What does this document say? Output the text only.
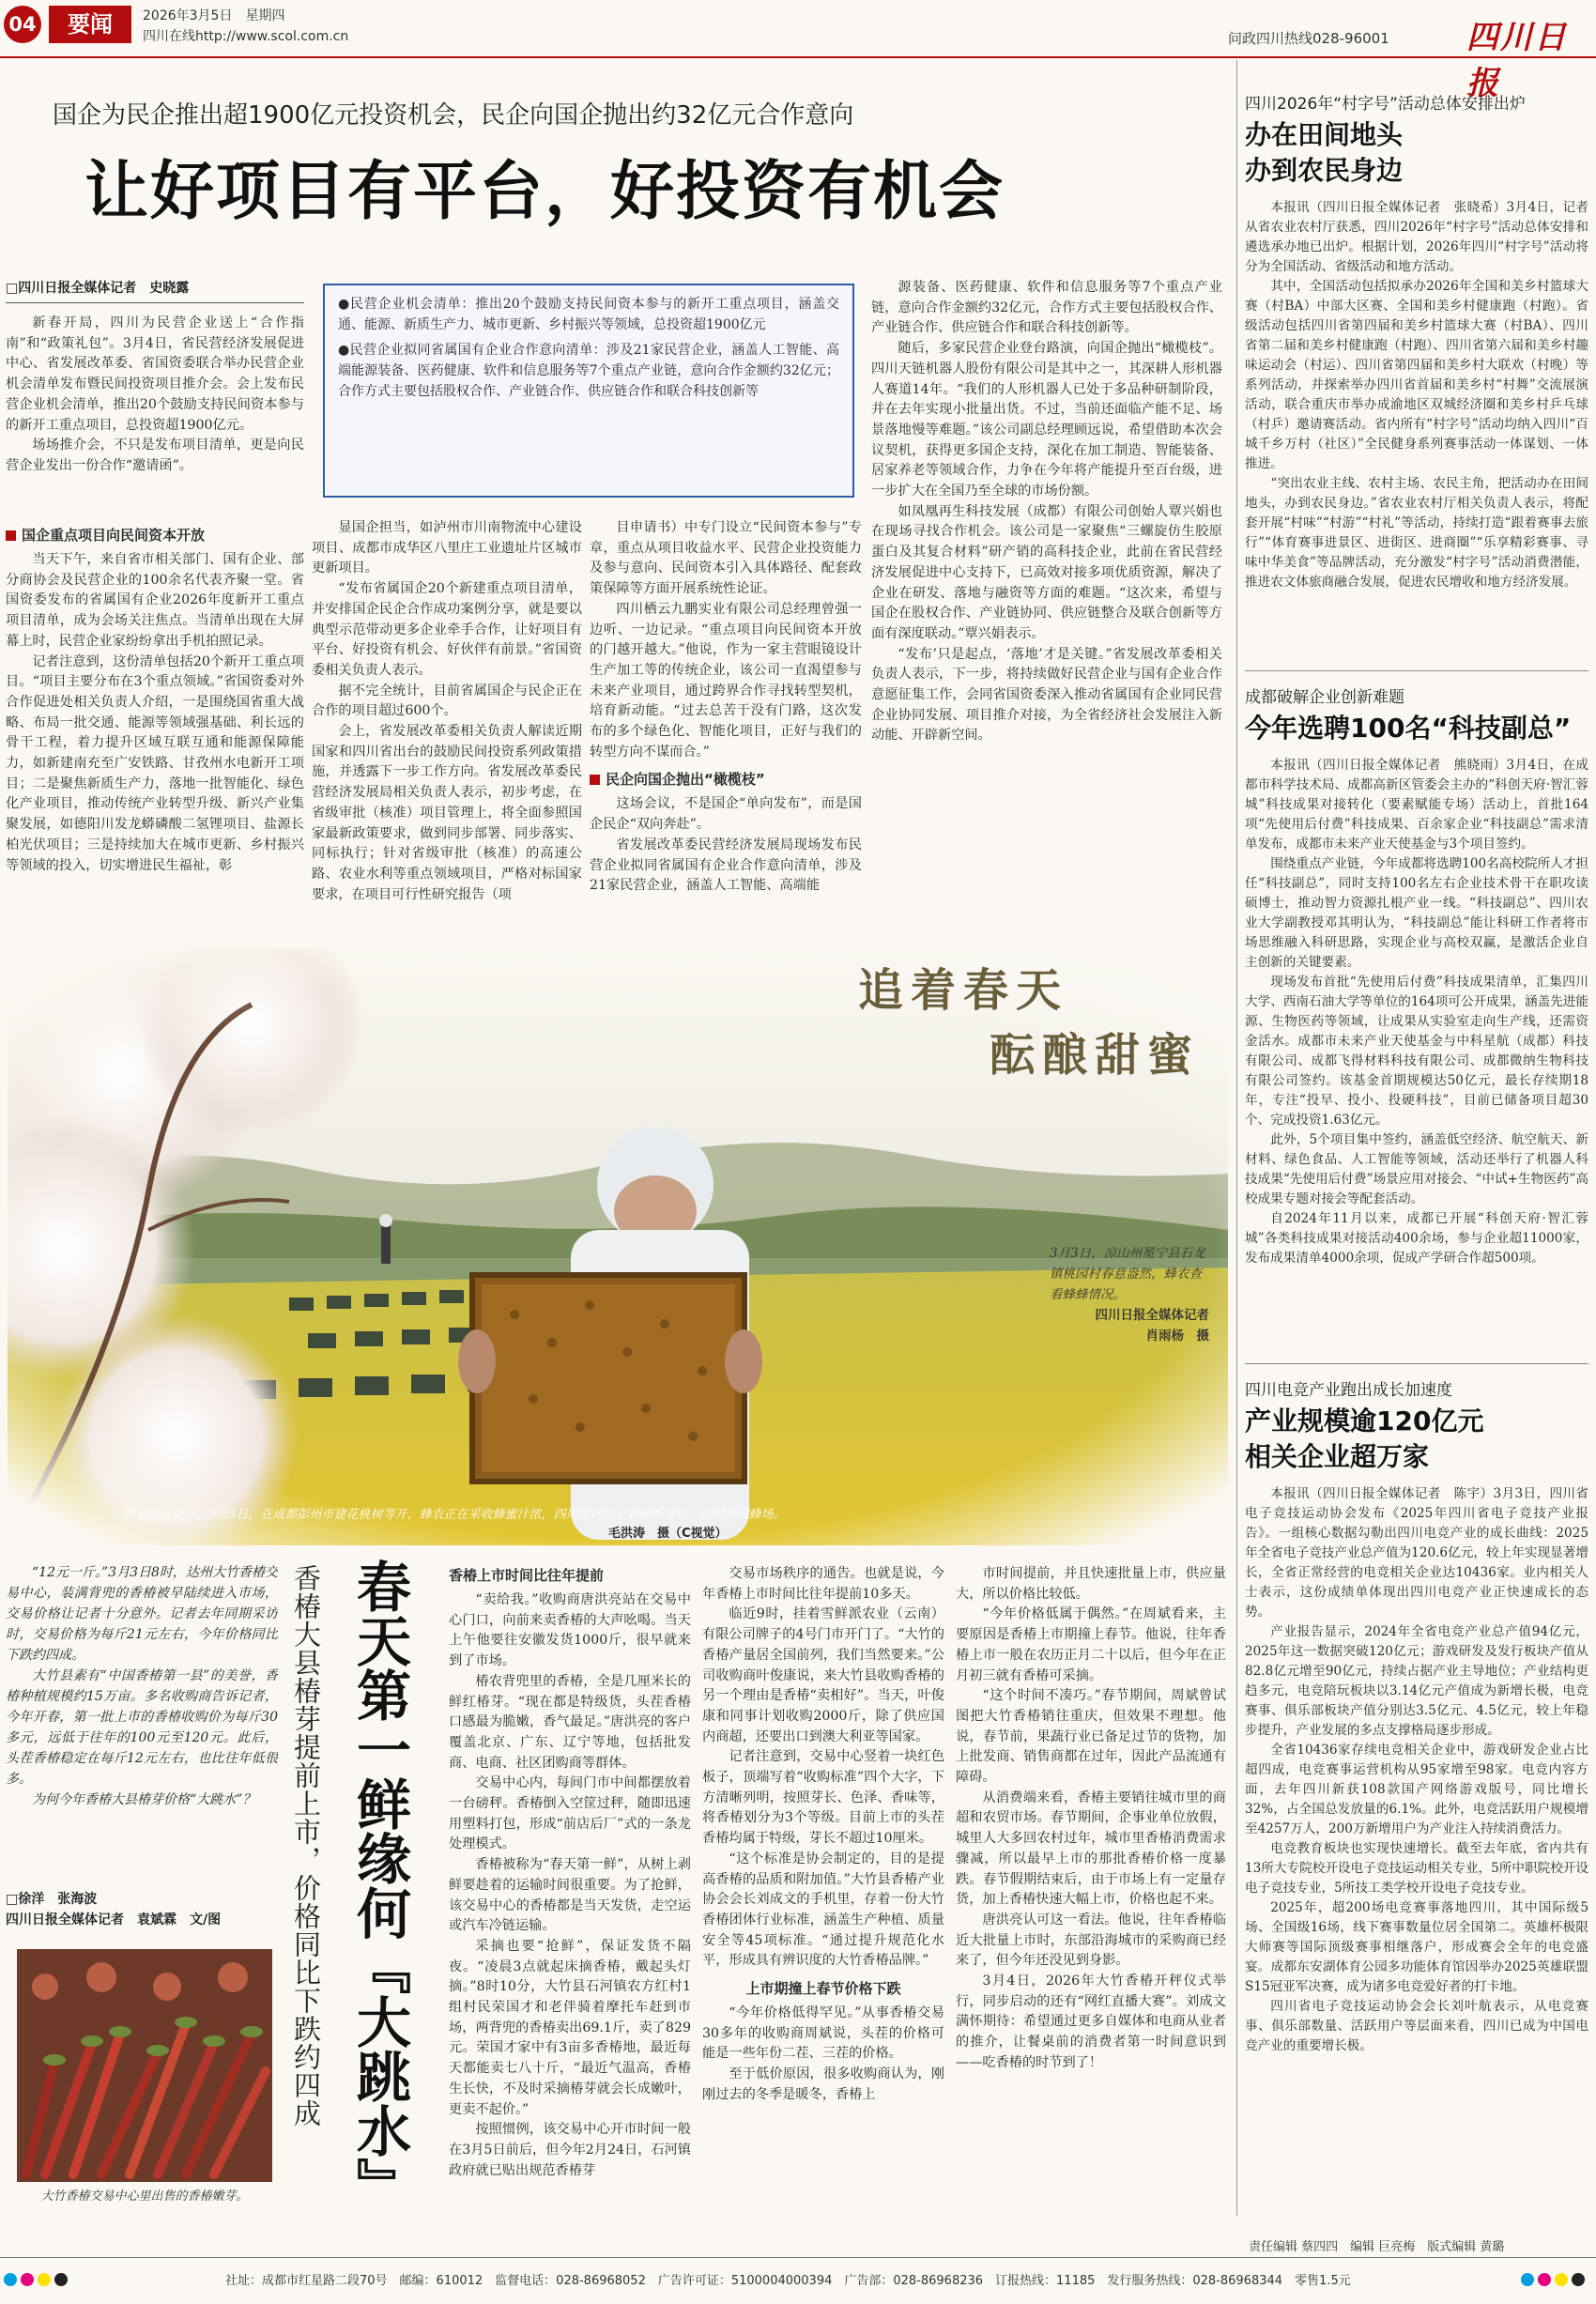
04	要闻	2026年3月5日　星期四
四川在线http://www.scol.com.cn	问政四川热线028-96001 四川日报
国企为民企推出超1900亿元投资机会，民企向国企抛出约32亿元合作意向
让好项目有平台，好投资有机会
□四川日报全媒体记者　史晓露

新春开局，四川为民营企业送上“合作指南”和“政策礼包”。3月4日，省民营经济发展促进中心、省发展改革委、省国资委联合举办民营企业机会清单发布暨民间投资项目推介会。会上发布民营企业机会清单，推出20个鼓励支持民间资本参与的新开工重点项目，总投资超1900亿元。

场场推介会，不只是发布项目清单，更是向民营企业发出一份合作“邀请函”。

●民营企业机会清单：推出20个鼓励支持民间资本参与的新开工重点项目，涵盖交通、能源、新质生产力、城市更新、乡村振兴等领域，总投资超1900亿元
●民营企业拟同省属国有企业合作意向清单：涉及21家民营企业，涵盖人工智能、高端能源装备、医药健康、软件和信息服务等7个重点产业链，意向合作金额约32亿元；合作方式主要包括股权合作、产业链合作、供应链合作和联合科技创新等

源装备、医药健康、软件和信息服务等7个重点产业链，意向合作金额约32亿元，合作方式主要包括股权合作、产业链合作、供应链合作和联合科技创新等。

随后，多家民营企业登台路演，向国企抛出“橄榄枝”。四川天链机器人股份有限公司是其中之一，其深耕人形机器人赛道14年。“我们的人形机器人已处于多品种研制阶段，并在去年实现小批量出货。不过，当前还面临产能不足、场景落地慢等难题。”该公司副总经理顾远说，希望借助本次会议契机，获得更多国企支持，深化在加工制造、智能装备、居家养老等领域合作，力争在今年将产能提升至百台级，进一步扩大在全国乃至全球的市场份额。

如凤凰再生科技发展（成都）有限公司创始人覃兴娟也在现场寻找合作机会。该公司是一家聚焦“三螺旋仿生胶原蛋白及其复合材料”研产销的高科技企业，此前在省民营经济发展促进中心支持下，已高效对接多项优质资源，解决了企业在研发、落地与融资等方面的难题。“这次来，希望与国企在股权合作、产业链协同、供应链整合及联合创新等方面有深度联动。”覃兴娟表示。

“发布’只是起点，‘落地’才是关键。”省发展改革委相关负责人表示，下一步，将持续做好民营企业与国有企业合作意愿征集工作，会同省国资委深入推动省属国有企业同民营企业协同发展、项目推介对接，为全省经济社会发展注入新动能、开辟新空间。

国企重点项目向民间资本开放

当天下午，来自省市相关部门、国有企业、部分商协会及民营企业的100余名代表齐聚一堂。省国资委发布的省属国有企业2026年度新开工重点项目清单，成为会场关注焦点。当清单出现在大屏幕上时，民营企业家纷纷拿出手机拍照记录。

记者注意到，这份清单包括20个新开工重点项目。“项目主要分布在3个重点领域。”省国资委对外合作促进处相关负责人介绍，一是围绕国省重大战略、布局一批交通、能源等领域强基础、利长远的骨干工程，着力提升区域互联互通和能源保障能力，如新建南充至广安铁路、甘孜州水电新开工项目；二是聚焦新质生产力，落地一批智能化、绿色化产业项目，推动传统产业转型升级、新兴产业集聚发展，如德阳川发龙蟒磷酸二氢锂项目、盐源长柏光伏项目；三是持续加大在城市更新、乡村振兴等领域的投入，切实增进民生福祉，彰

显国企担当，如泸州市川南物流中心建设项目、成都市成华区八里庄工业遗址片区城市更新项目。

“发布省属国企20个新建重点项目清单，并安排国企民企合作成功案例分享，就是要以典型示范带动更多企业牵手合作，让好项目有平台、好投资有机会、好伙伴有前景。”省国资委相关负责人表示。

据不完全统计，目前省属国企与民企正在合作的项目超过600个。

会上，省发展改革委相关负责人解读近期国家和四川省出台的鼓励民间投资系列政策措施，并透露下一步工作方向。省发展改革委民营经济发展局相关负责人表示，初步考虑，在省级审批（核准）项目管理上，将全面参照国家最新政策要求，做到同步部署、同步落实、同标执行；针对省级审批（核准）的高速公路、农业水利等重点领域项目，严格对标国家要求，在项目可行性研究报告（项

目申请书）中专门设立“民间资本参与”专章，重点从项目收益水平、民营企业投资能力及参与意向、民间资本引入具体路径、配套政策保障等方面开展系统性论证。

四川栖云九鹏实业有限公司总经理曾强一边听、一边记录。“重点项目向民间资本开放的门越开越大。”他说，作为一家主营眼镜设计生产加工等的传统企业，该公司一直渴望参与未来产业项目，通过跨界合作寻找转型契机，培育新动能。“过去总苦于没有门路，这次发布的多个绿色化、智能化项目，正好与我们的转型方向不谋而合。”

民企向国企抛出“橄榄枝”

这场会议，不是国企“单向发布”，而是国企民企“双向奔赴”。

省发展改革委民营经济发展局现场发布民营企业拟同省属国有企业合作意向清单，涉及21家民营企业，涵盖人工智能、高端能

追着春天
酝酿甜蜜
3月3日，凉山州冕宁县石龙镇桃园村春意盎然，蜂农查看蜂蜂情况。
四川日报全媒体记者
肖雨杨　摄
一群金叶在花开，3月3日，在成都彭州市建花桃树等开，蜂农正在采收蜂蜜汁浓，四川境内的小春蜂季来临，如时开园蜂场。
毛洪涛　摄（C视觉）

“12元一斤。”3月3日8时，达州大竹香椿交易中心，装满背兜的香椿被早陆续进入市场，交易价格让记者十分意外。记者去年同期采访时，交易价格为每斤21元左右，今年价格同比下跌约四成。

大竹县素有“中国香椿第一县”的美誉，香椿种植规模约15万亩。多名收购商告诉记者，今年开春，第一批上市的香椿收购价为每斤30多元，远低于往年的100元至120元。此后，头茬香椿稳定在每斤12元左右，也比往年低很多。

为何今年香椿大县椿芽价格“大跳水”？

□徐洋　张海波
四川日报全媒体记者　袁斌霖　文/图
大竹香椿交易中心里出售的香椿嫩芽。
香椿大县椿芽提前上市，价格同比下跌约四成 春天第一鲜缘何『大跳水』	香椿上市时间比往年提前

“卖给我。”收购商唐洪亮站在交易中心门口，向前来卖香椿的大声吆喝。当天上午他要往安徽发货1000斤，很早就来到了市场。

椿农背兜里的香椿，全是几厘米长的鲜红椿芽。“现在都是特级货，头茬香椿口感最为脆嫩，香气最足。”唐洪亮的客户覆盖北京、广东、辽宁等地，包括批发商、电商、社区团购商等群体。

交易中心内，每间门市中间都摆放着一台磅秤。香椿倒入空筐过秤，随即迅速用塑料打包，形成“前店后厂”式的一条龙处理模式。

香椿被称为“春天第一鲜”，从树上剥鲜要趁着的运输时间很重要。为了抢鲜，该交易中心的香椿都是当天发货，走空运或汽车冷链运输。

采摘也要“抢鲜”，保证发货不隔夜。“凌晨3点就起床摘香椿，戴起头灯摘。”8时10分，大竹县石河镇农方红村1组村民荣国才和老伴骑着摩托车赶到市场，两背兜的香椿卖出69.1斤，卖了829元。荣国才家中有3亩多香椿地，最近每天都能卖七八十斤，“最近气温高，香椿生长快，不及时采摘椿芽就会长成嫩叶，更卖不起价。”

按照惯例，该交易中心开市时间一般在3月5日前后，但今年2月24日，石河镇政府就已贴出规范香椿芽

交易市场秩序的通告。也就是说，今年香椿上市时间比往年提前10多天。

临近9时，挂着雪鲜派农业（云南）有限公司牌子的4号门市开门了。“大竹的香椿产量居全国前列，我们当然要来。”公司收购商叶俊康说，来大竹县收购香椿的另一个理由是香椿“卖相好”。当天，叶俊康和同事计划收购2000斤，除了供应国内商超，还要出口到澳大利亚等国家。

记者注意到，交易中心竖着一块红色板子，顶端写着“收购标准”四个大字，下方清晰列明，按照芽长、色泽、香味等，将香椿划分为3个等级。目前上市的头茬香椿均属于特级，芽长不超过10厘米。

“这个标准是协会制定的，目的是提高香椿的品质和附加值。”大竹县香椿产业协会会长刘成文的手机里，存着一份大竹香椿团体行业标准，涵盖生产种植、质量安全等45项标准。“通过提升规范化水平，形成具有辨识度的大竹香椿品牌。”

上市期撞上春节价格下跌

“今年价格低得罕见。”从事香椿交易30多年的收购商周斌说，头茬的价格可能是一些年份二茬、三茬的价格。

至于低价原因，很多收购商认为，刚刚过去的冬季是暖冬，香椿上

市时间提前，并且快速批量上市，供应量大，所以价格比较低。

“今年价格低属于偶然。”在周斌看来，主要原因是香椿上市期撞上春节。他说，往年香椿上市一般在农历正月二十以后，但今年在正月初三就有香椿可采摘。

“这个时间不凑巧。”春节期间，周斌曾试图把大竹香椿销往重庆，但效果不理想。他说，春节前，果蔬行业已备足过节的货物，加上批发商、销售商都在过年，因此产品流通有障碍。

从消费端来看，香椿主要销往城市里的商超和农贸市场。春节期间，企事业单位放假，城里人大多回农村过年，城市里香椿消费需求骤减，所以最早上市的那批香椿价格一度暴跌。春节假期结束后，由于市场上有一定量存货，加上香椿快速大幅上市，价格也起不来。

唐洪亮认可这一看法。他说，往年香椿临近大批量上市时，东部沿海城市的采购商已经来了，但今年还没见到身影。

3月4日，2026年大竹香椿开秤仪式举行，同步启动的还有“网红直播大赛”。刘成文满怀期待：希望通过更多自媒体和电商从业者的推介，让餐桌前的消费者第一时间意识到——吃香椿的时节到了！

四川2026年“村字号”活动总体安排出炉
办在田间地头
办到农民身边

本报讯（四川日报全媒体记者　张晓希）3月4日，记者从省农业农村厅获悉，四川2026年“村字号”活动总体安排和遴选承办地已出炉。根据计划，2026年四川“村字号”活动将分为全国活动、省级活动和地方活动。

其中，全国活动包括拟承办2026年全国和美乡村篮球大赛（村BA）中部大区赛、全国和美乡村健康跑（村跑）。省级活动包括四川省第四届和美乡村篮球大赛（村BA）、四川省第二届和美乡村健康跑（村跑）、四川省第六届和美乡村趣味运动会（村运）、四川省第四届和美乡村大联欢（村晚）等系列活动，并探索举办四川省首届和美乡村“村舞”交流展演活动，联合重庆市举办成渝地区双城经济圈和美乡村乒乓球（村乒）邀请赛活动。省内所有“村字号”活动均纳入四川“百城千乡万村（社区）”全民健身系列赛事活动一体谋划、一体推进。

“突出农业主线、农村主场、农民主角，把活动办在田间地头，办到农民身边。”省农业农村厅相关负责人表示，将配套开展“村味”“村游”“村礼”等活动，持续打造“跟着赛事去旅行”“体育赛事进景区、进街区、进商圈”“乐享精彩赛事、寻味中华美食”等品牌活动，充分激发“村字号”活动消费潜能，推进农文体旅商融合发展，促进农民增收和地方经济发展。

成都破解企业创新难题
今年选聘100名“科技副总”

本报讯（四川日报全媒体记者　熊晓雨）3月4日，在成都市科学技术局、成都高新区管委会主办的“科创天府·智汇蓉城”科技成果对接转化（要素赋能专场）活动上，首批164项“先使用后付费”科技成果、百余家企业“科技副总”需求清单发布，成都市未来产业天使基金与3个项目签约。

围绕重点产业链，今年成都将选聘100名高校院所人才担任“科技副总”，同时支持100名左右企业技术骨干在职攻读硕博士，推动智力资源扎根产业一线。“科技副总”、四川农业大学副教授邓其明认为，“科技副总”能让科研工作者将市场思维融入科研思路，实现企业与高校双赢，是激活企业自主创新的关键要素。

现场发布首批“先使用后付费”科技成果清单，汇集四川大学、西南石油大学等单位的164项可公开成果，涵盖先进能源、生物医药等领域，让成果从实验室走向生产线，还需资金活水。成都市未来产业天使基金与中科星航（成都）科技有限公司、成都飞得材料科技有限公司、成都微纳生物科技有限公司签约。该基金首期规模达50亿元，最长存续期18年，专注“投早、投小、投硬科技”，目前已储备项目超30个、完成投资1.63亿元。

此外，5个项目集中签约，涵盖低空经济、航空航天、新材料、绿色食品、人工智能等领域，活动还举行了机器人科技成果“先使用后付费”场景应用对接会、“中试+生物医药”高校成果专题对接会等配套活动。

自2024年11月以来，成都已开展“科创天府·智汇蓉城”各类科技成果对接活动400余场，参与企业超11000家，发布成果清单4000余项，促成产学研合作超500项。

四川电竞产业跑出成长加速度
产业规模逾120亿元
相关企业超万家

本报讯（四川日报全媒体记者　陈宇）3月3日，四川省电子竞技运动协会发布《2025年四川省电子竞技产业报告》。一组核心数据勾勒出四川电竞产业的成长曲线：2025年全省电子竞技产业总产值为120.6亿元，较上年实现显著增长，全省正常经营的电竞相关企业达10436家。业内相关人士表示，这份成绩单体现出四川电竞产业正快速成长的态势。

产业报告显示，2024年全省电竞产业总产值94亿元，2025年这一数据突破120亿元；游戏研发及发行板块产值从82.8亿元增至90亿元，持续占据产业主导地位；产业结构更趋多元，电竞陪玩板块以3.14亿元产值成为新增长极，电竞赛事、俱乐部板块产值分别达3.5亿元、4.5亿元，较上年稳步提升，产业发展的多点支撑格局逐步形成。

全省10436家存续电竞相关企业中，游戏研发企业占比超四成，电竞赛事运营机构从95家增至98家。电竞内容方面，去年四川新获108款国产网络游戏版号，同比增长32%，占全国总发放量的6.1%。此外，电竞活跃用户规模增至4257万人，200万新增用户为产业注入持续消费活力。

电竞教育板块也实现快速增长。截至去年底，省内共有13所大专院校开设电子竞技运动相关专业，5所中职院校开设电子竞技专业，5所技工类学校开设电子竞技专业。

2025年，超200场电竞赛事落地四川，其中国际级5场、全国级16场，线下赛事数量位居全国第二。英雄杯极限大师赛等国际顶级赛事相继落户，形成赛会全年的电竞盛宴。成都东安湖体育公园多功能体育馆因举办2025英雄联盟S15冠亚军决赛，成为诸多电竞爱好者的打卡地。

四川省电子竞技运动协会会长刘叶航表示，从电竞赛事、俱乐部数量、活跃用户等层面来看，四川已成为中国电竞产业的重要增长极。

责任编辑 蔡四四　编辑 巨亮梅　版式编辑 黄璐
社址：成都市红星路二段70号　邮编：610012　监督电话：028-86968052　广告许可证：5100004000394　广告部：028-86968236　订报热线：11185　发行服务热线：028-86968344　零售1.5元
